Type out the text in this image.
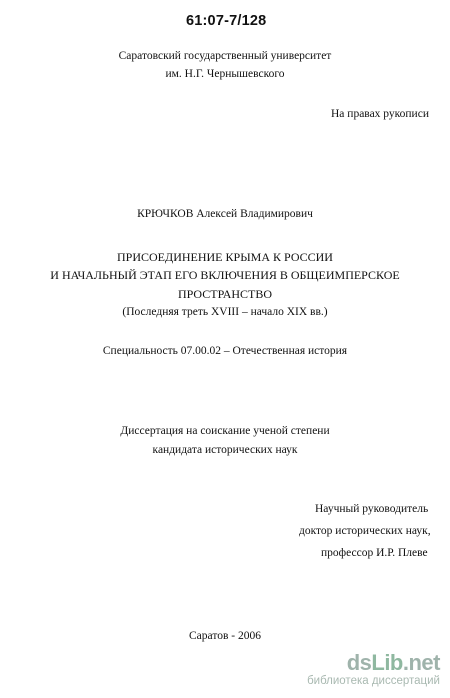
61:07-7/128
Саратовский государственный университет
им. Н.Г. Чернышевского
На правах рукописи
КРЮЧКОВ Алексей Владимирович
ПРИСОЕДИНЕНИЕ КРЫМА К РОССИИ
И НАЧАЛЬНЫЙ ЭТАП ЕГО ВКЛЮЧЕНИЯ В ОБЩЕИМПЕРСКОЕ
ПРОСТРАНСТВО
(Последняя треть XVIII – начало XIX вв.)
Специальность 07.00.02 – Отечественная история
Диссертация на соискание ученой степени
кандидата исторических наук
Научный руководитель
доктор исторических наук,
профессор И.Р. Плеве
Саратов - 2006
dsLib.net
библиотека диссертаций
